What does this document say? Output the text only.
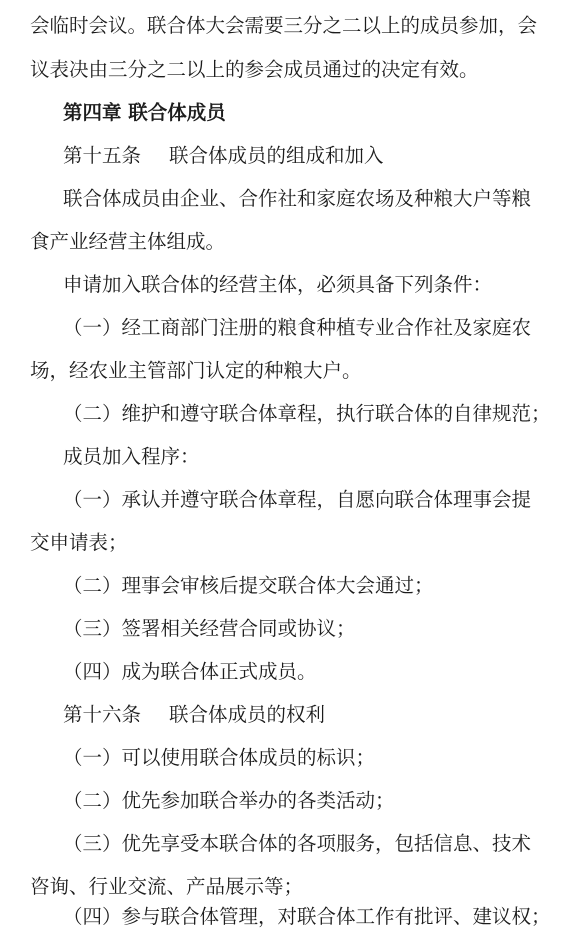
会临时会议。联合体大会需要三分之二以上的成员参加，会
议表决由三分之二以上的参会成员通过的决定有效。
第四章 联合体成员
第十五条 联合体成员的组成和加入
联合体成员由企业、合作社和家庭农场及种粮大户等粮
食产业经营主体组成。
申请加入联合体的经营主体，必须具备下列条件：
（一）经工商部门注册的粮食种植专业合作社及家庭农
场，经农业主管部门认定的种粮大户。
（二）维护和遵守联合体章程，执行联合体的自律规范；
成员加入程序：
（一）承认并遵守联合体章程，自愿向联合体理事会提
交申请表；
（二）理事会审核后提交联合体大会通过；
（三）签署相关经营合同或协议；
（四）成为联合体正式成员。
第十六条 联合体成员的权利
（一）可以使用联合体成员的标识；
（二）优先参加联合举办的各类活动；
（三）优先享受本联合体的各项服务，包括信息、技术
咨询、行业交流、产品展示等；
（四）参与联合体管理，对联合体工作有批评、建议权；
